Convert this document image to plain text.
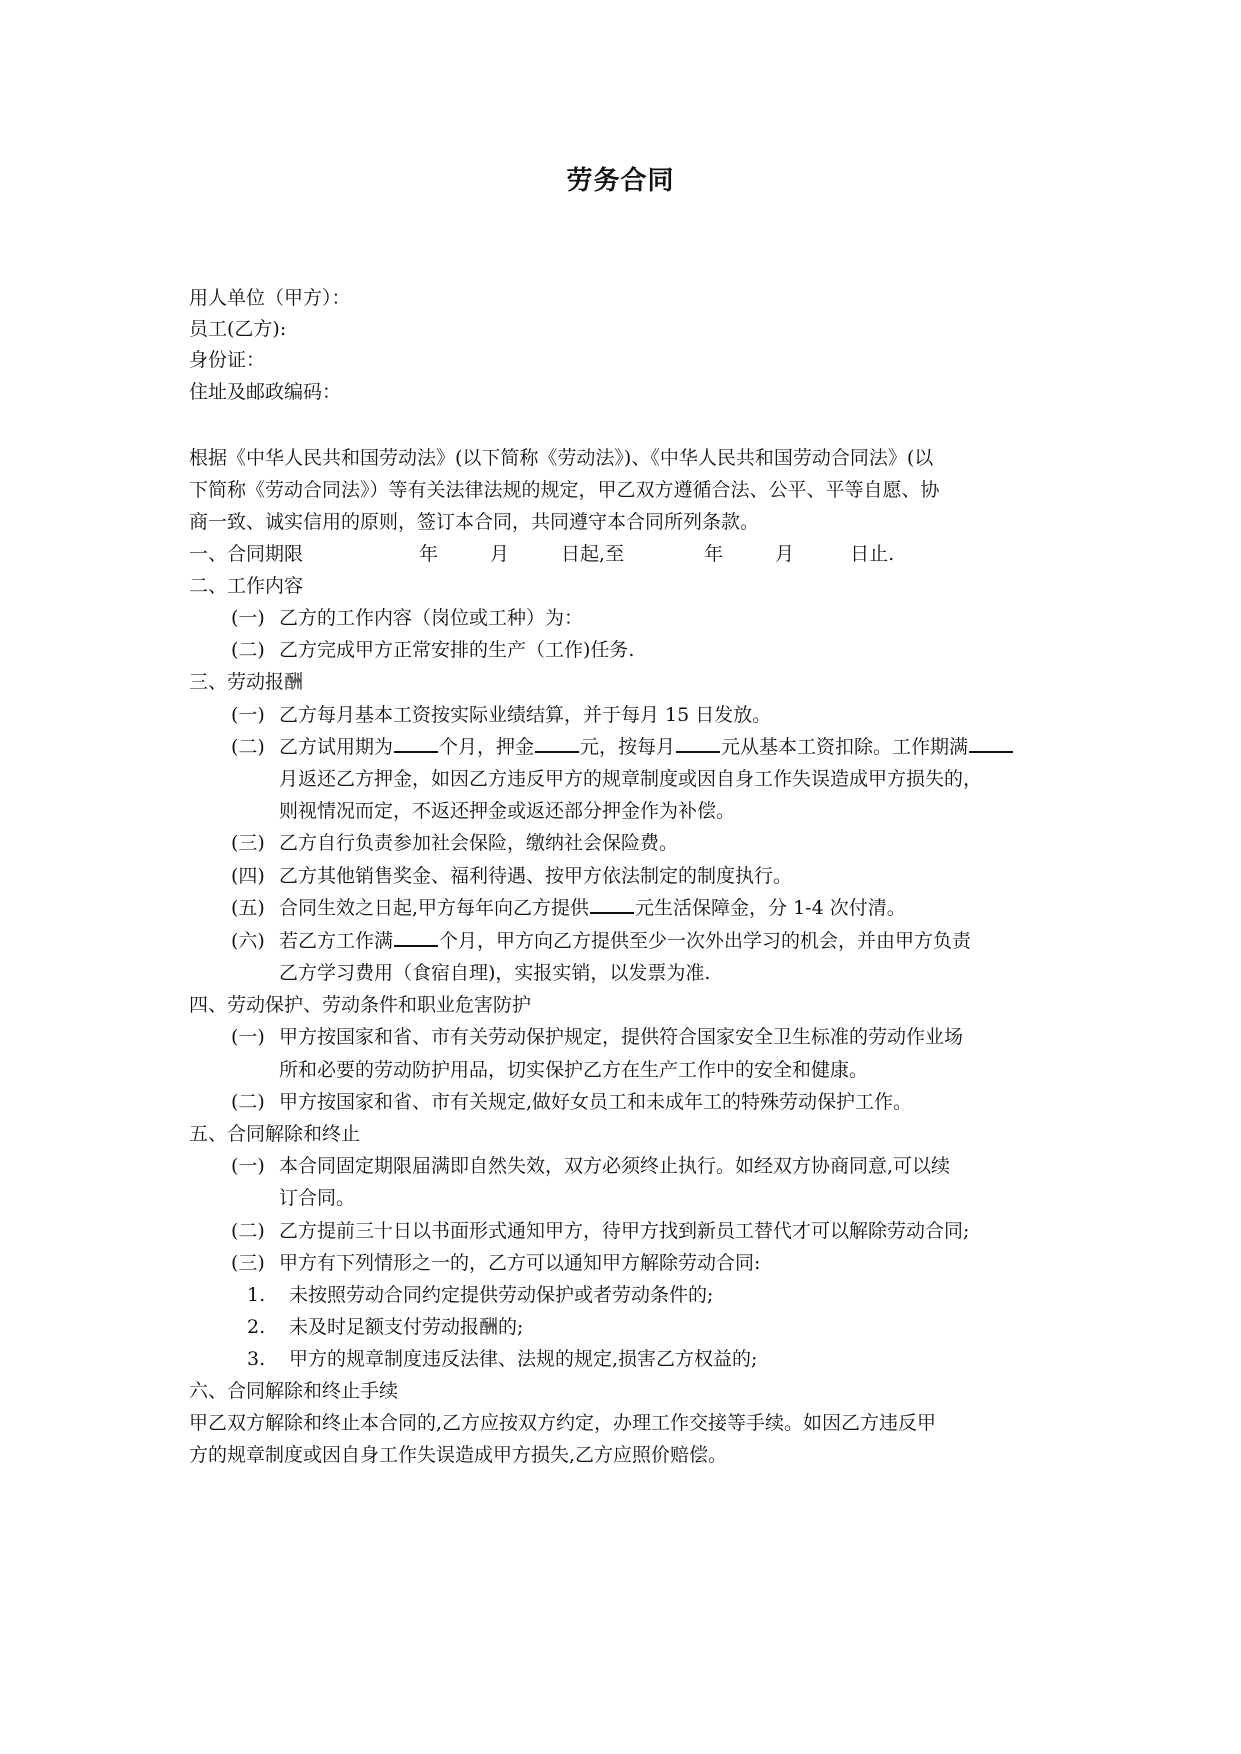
劳务合同
用人单位（甲方）：
员工(乙方):
身份证：
住址及邮政编码：
根据《中华人民共和国劳动法》(以下简称《劳动法》)、《中华人民共和国劳动合同法》(以
下简称《劳动合同法》）等有关法律法规的规定，甲乙双方遵循合法、公平、平等自愿、协
商一致、诚实信用的原则，签订本合同，共同遵守本合同所列条款。
一、合同期限	年	月	日起,至	年	月	日止.
二、工作内容
(一) 乙方的工作内容（岗位或工种）为：
(二) 乙方完成甲方正常安排的生产（工作)任务.
三、劳动报酬
(一) 乙方每月基本工资按实际业绩结算，并于每月 15 日发放。
(二) 乙方试用期为 个月，押金 元，按每月 元从基本工资扣除。工作期满
月返还乙方押金，如因乙方违反甲方的规章制度或因自身工作失误造成甲方损失的，
则视情况而定，不返还押金或返还部分押金作为补偿。
(三) 乙方自行负责参加社会保险，缴纳社会保险费。
(四) 乙方其他销售奖金、福利待遇、按甲方依法制定的制度执行。
(五) 合同生效之日起,甲方每年向乙方提供 元生活保障金，分 1-4 次付清。
(六) 若乙方工作满 个月，甲方向乙方提供至少一次外出学习的机会，并由甲方负责
乙方学习费用（食宿自理)，实报实销，以发票为准.
四、劳动保护、劳动条件和职业危害防护
(一) 甲方按国家和省、市有关劳动保护规定，提供符合国家安全卫生标准的劳动作业场
所和必要的劳动防护用品，切实保护乙方在生产工作中的安全和健康。
(二) 甲方按国家和省、市有关规定,做好女员工和未成年工的特殊劳动保护工作。
五、合同解除和终止
(一) 本合同固定期限届满即自然失效，双方必须终止执行。如经双方协商同意,可以续
订合同。
(二) 乙方提前三十日以书面形式通知甲方，待甲方找到新员工替代才可以解除劳动合同;
(三) 甲方有下列情形之一的，乙方可以通知甲方解除劳动合同:
1. 未按照劳动合同约定提供劳动保护或者劳动条件的;
2. 未及时足额支付劳动报酬的;
3. 甲方的规章制度违反法律、法规的规定,损害乙方权益的;
六、合同解除和终止手续
甲乙双方解除和终止本合同的,乙方应按双方约定，办理工作交接等手续。如因乙方违反甲
方的规章制度或因自身工作失误造成甲方损失,乙方应照价赔偿。
